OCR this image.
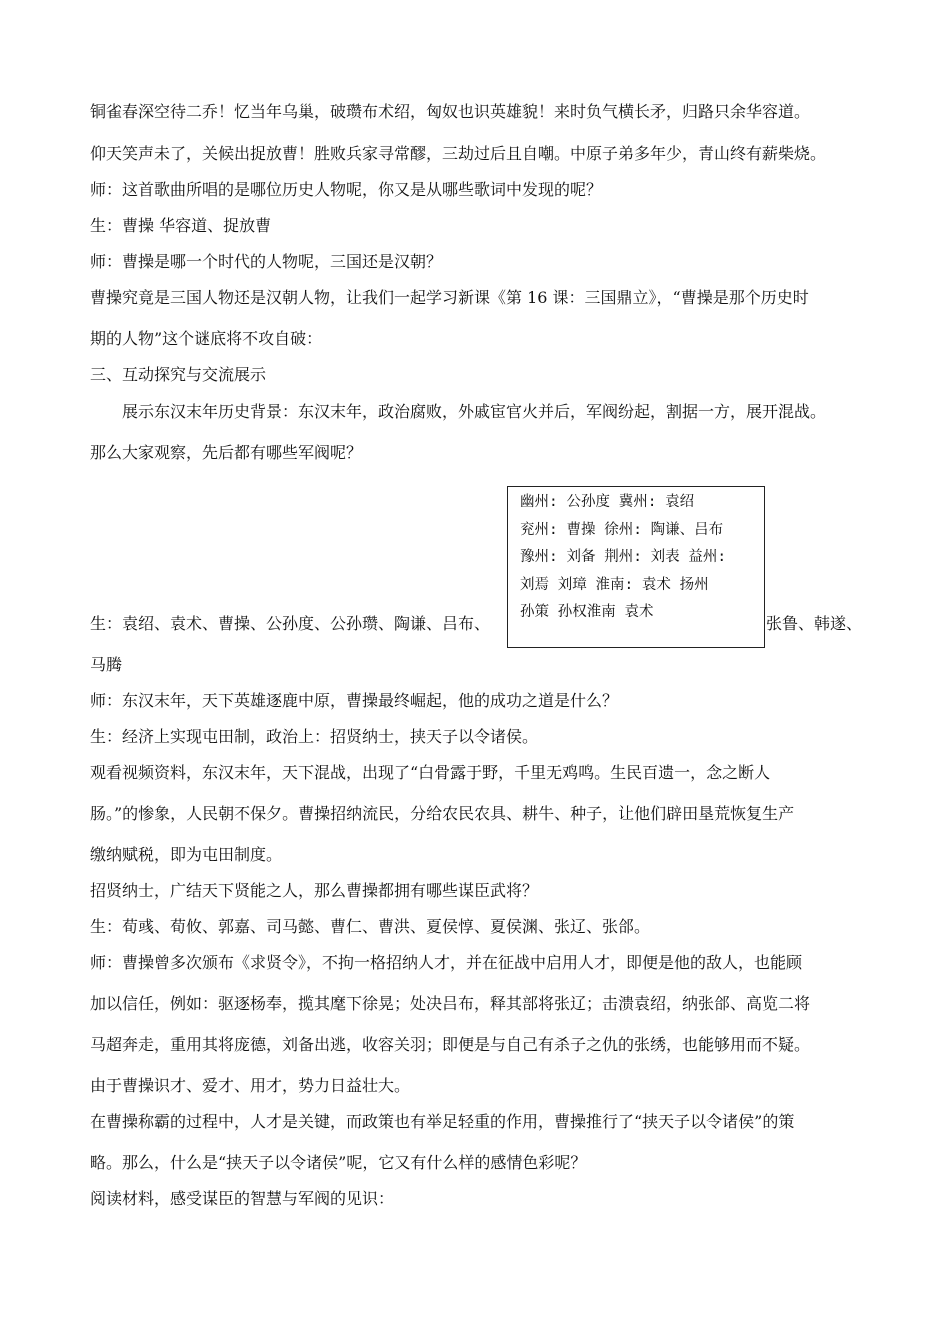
铜雀春深空待二乔！忆当年乌巢，破瓒布术绍，匈奴也识英雄貌！来时负气横长矛，归路只余华容道。
仰天笑声未了，关候出捉放曹！胜败兵家寻常醪，三劫过后且自嘲。中原子弟多年少，青山终有薪柴烧。
师：这首歌曲所唱的是哪位历史人物呢，你又是从哪些歌词中发现的呢？
生：曹操 华容道、捉放曹
师：曹操是哪一个时代的人物呢，三国还是汉朝？
曹操究竟是三国人物还是汉朝人物，让我们一起学习新课《第 16 课：三国鼎立》，“曹操是那个历史时
期的人物”这个谜底将不攻自破：
三、互动探究与交流展示
展示东汉末年历史背景：东汉末年，政治腐败，外戚宦官火并后，军阀纷起，割据一方，展开混战。
那么大家观察，先后都有哪些军阀呢？
生：袁绍、袁术、曹操、公孙度、公孙瓒、陶谦、吕布、	张鲁、韩遂、
马腾
幽州: 公孙度 冀州: 袁绍
兖州: 曹操 徐州: 陶谦、吕布
豫州: 刘备 荆州: 刘表 益州:
刘焉 刘璋 淮南: 袁术 扬州
孙策 孙权淮南 袁术
师：东汉末年，天下英雄逐鹿中原，曹操最终崛起，他的成功之道是什么？
生：经济上实现屯田制，政治上：招贤纳士，挟天子以令诸侯。
观看视频资料，东汉末年，天下混战，出现了“白骨露于野，千里无鸡鸣。生民百遗一，念之断人
肠。”的惨象，人民朝不保夕。曹操招纳流民，分给农民农具、耕牛、种子，让他们辟田垦荒恢复生产
缴纳赋税，即为屯田制度。
招贤纳士，广结天下贤能之人，那么曹操都拥有哪些谋臣武将？
生：荀彧、荀攸、郭嘉、司马懿、曹仁、曹洪、夏侯惇、夏侯渊、张辽、张郃。
师：曹操曾多次颁布《求贤令》，不拘一格招纳人才，并在征战中启用人才，即便是他的敌人，也能顾
加以信任，例如：驱逐杨奉，揽其麾下徐晃；处决吕布，释其部将张辽；击溃袁绍，纳张郃、高览二将
马超奔走，重用其将庞德，刘备出逃，收容关羽；即便是与自己有杀子之仇的张绣，也能够用而不疑。
由于曹操识才、爱才、用才，势力日益壮大。
在曹操称霸的过程中，人才是关键，而政策也有举足轻重的作用，曹操推行了“挟天子以令诸侯”的策
略。那么，什么是“挟天子以令诸侯”呢，它又有什么样的感情色彩呢？
阅读材料，感受谋臣的智慧与军阀的见识：
